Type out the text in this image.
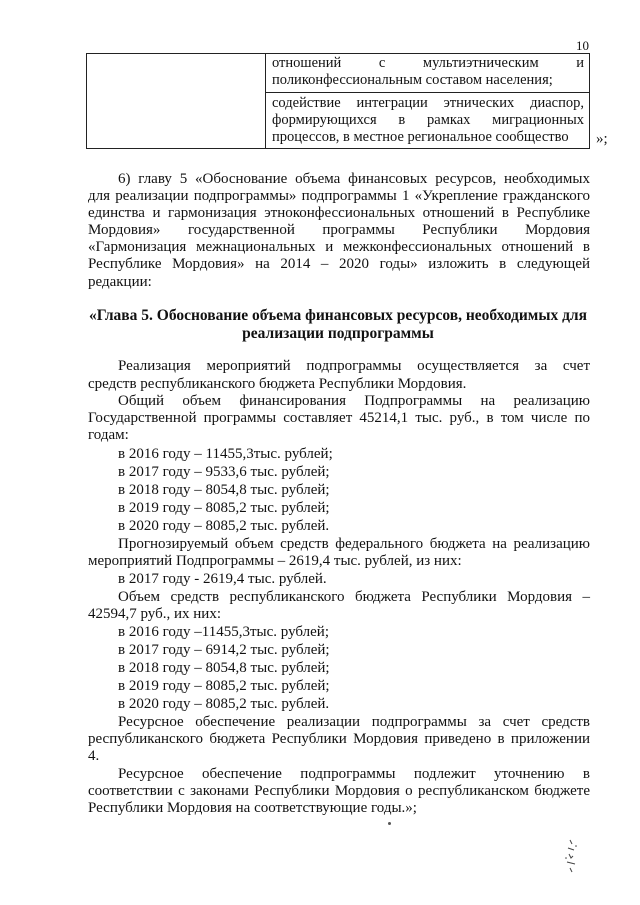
10
отношений с мультиэтническим и
поликонфессиональным составом населения;
содействие интеграции этнических диаспор,
формирующихся в рамках миграционных
процессов, в местное региональное сообщество	»;
6) главу 5 «Обоснование объема финансовых ресурсов, необходимых
для реализации подпрограммы» подпрограммы 1 «Укрепление гражданского
единства и гармонизация этноконфессиональных отношений в Республике
Мордовия» государственной программы Республики Мордовия
«Гармонизация межнациональных и межконфессиональных отношений в
Республике Мордовия» на 2014 – 2020 годы» изложить в следующей
редакции:
«Глава 5. Обоснование объема финансовых ресурсов, необходимых для
реализации подпрограммы
Реализация мероприятий подпрограммы осуществляется за счет
средств республиканского бюджета Республики Мордовия.
Общий объем финансирования Подпрограммы на реализацию
Государственной программы составляет 45214,1 тыс. руб., в том числе по
годам:
в 2016 году – 11455,3тыс. рублей;
в 2017 году – 9533,6 тыс. рублей;
в 2018 году – 8054,8 тыс. рублей;
в 2019 году – 8085,2 тыс. рублей;
в 2020 году – 8085,2 тыс. рублей.
Прогнозируемый объем средств федерального бюджета на реализацию
мероприятий Подпрограммы – 2619,4 тыс. рублей, из них:
в 2017 году - 2619,4 тыс. рублей.
Объем средств республиканского бюджета Республики Мордовия –
42594,7 руб., их них:
в 2016 году –11455,3тыс. рублей;
в 2017 году – 6914,2 тыс. рублей;
в 2018 году – 8054,8 тыс. рублей;
в 2019 году – 8085,2 тыс. рублей;
в 2020 году – 8085,2 тыс. рублей.
Ресурсное обеспечение реализации подпрограммы за счет средств
республиканского бюджета Республики Мордовия приведено в приложении
4.
Ресурсное обеспечение подпрограммы подлежит уточнению в
соответствии с законами Республики Мордовия о республиканском бюджете
Республики Мордовия на соответствующие годы.»;
